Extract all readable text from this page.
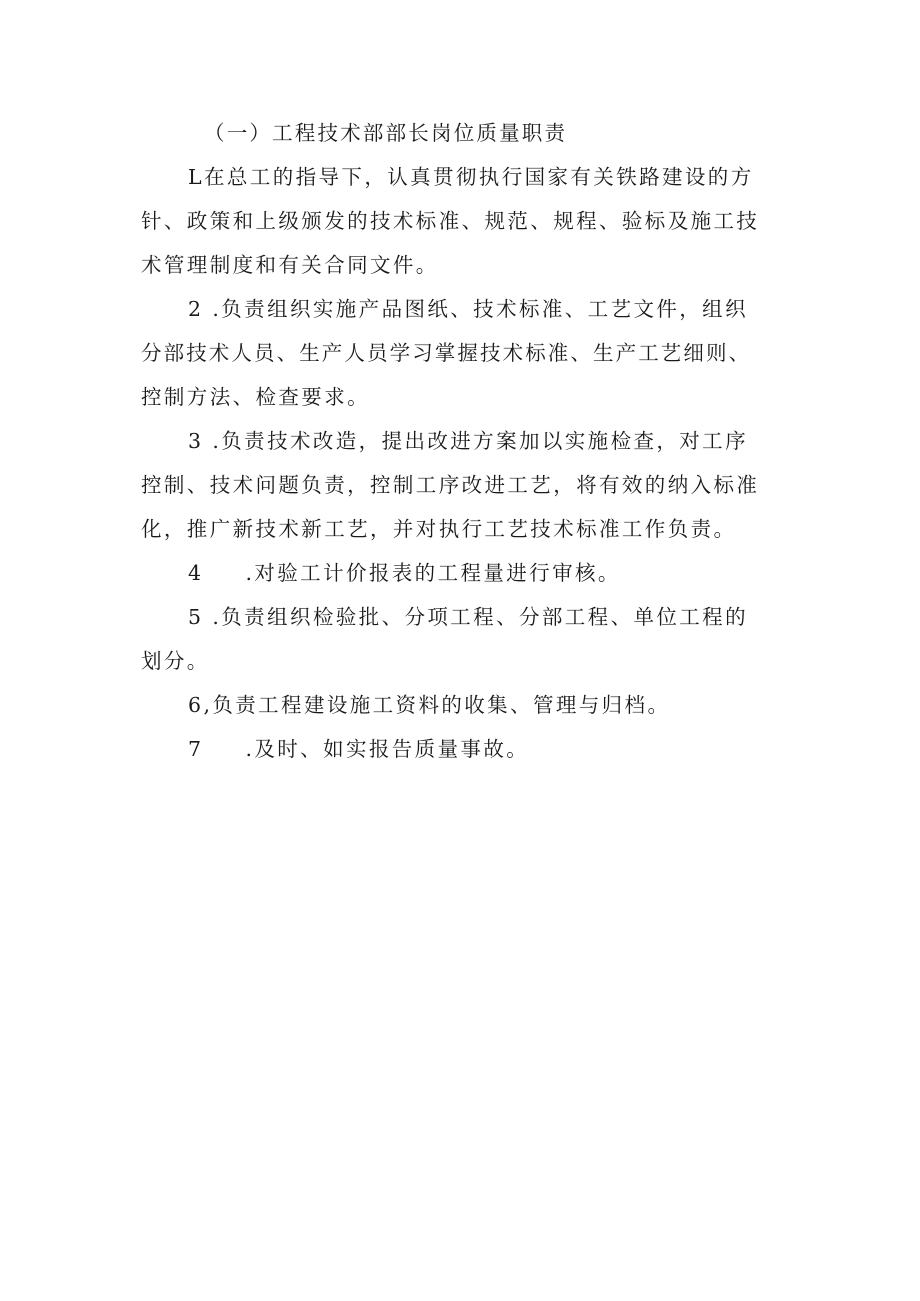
（一）工程技术部部长岗位质量职责
L在总工的指导下，认真贯彻执行国家有关铁路建设的方
针、政策和上级颁发的技术标准、规范、规程、验标及施工技
术管理制度和有关合同文件。
2 .负责组织实施产品图纸、技术标准、工艺文件，组织
分部技术人员、生产人员学习掌握技术标准、生产工艺细则、
控制方法、检查要求。
3 .负责技术改造，提出改进方案加以实施检查，对工序
控制、技术问题负责，控制工序改进工艺，将有效的纳入标准
化，推广新技术新工艺，并对执行工艺技术标准工作负责。
4 .对验工计价报表的工程量进行审核。
5 .负责组织检验批、分项工程、分部工程、单位工程的
划分。
6,负责工程建设施工资料的收集、管理与归档。
7 .及时、如实报告质量事故。
